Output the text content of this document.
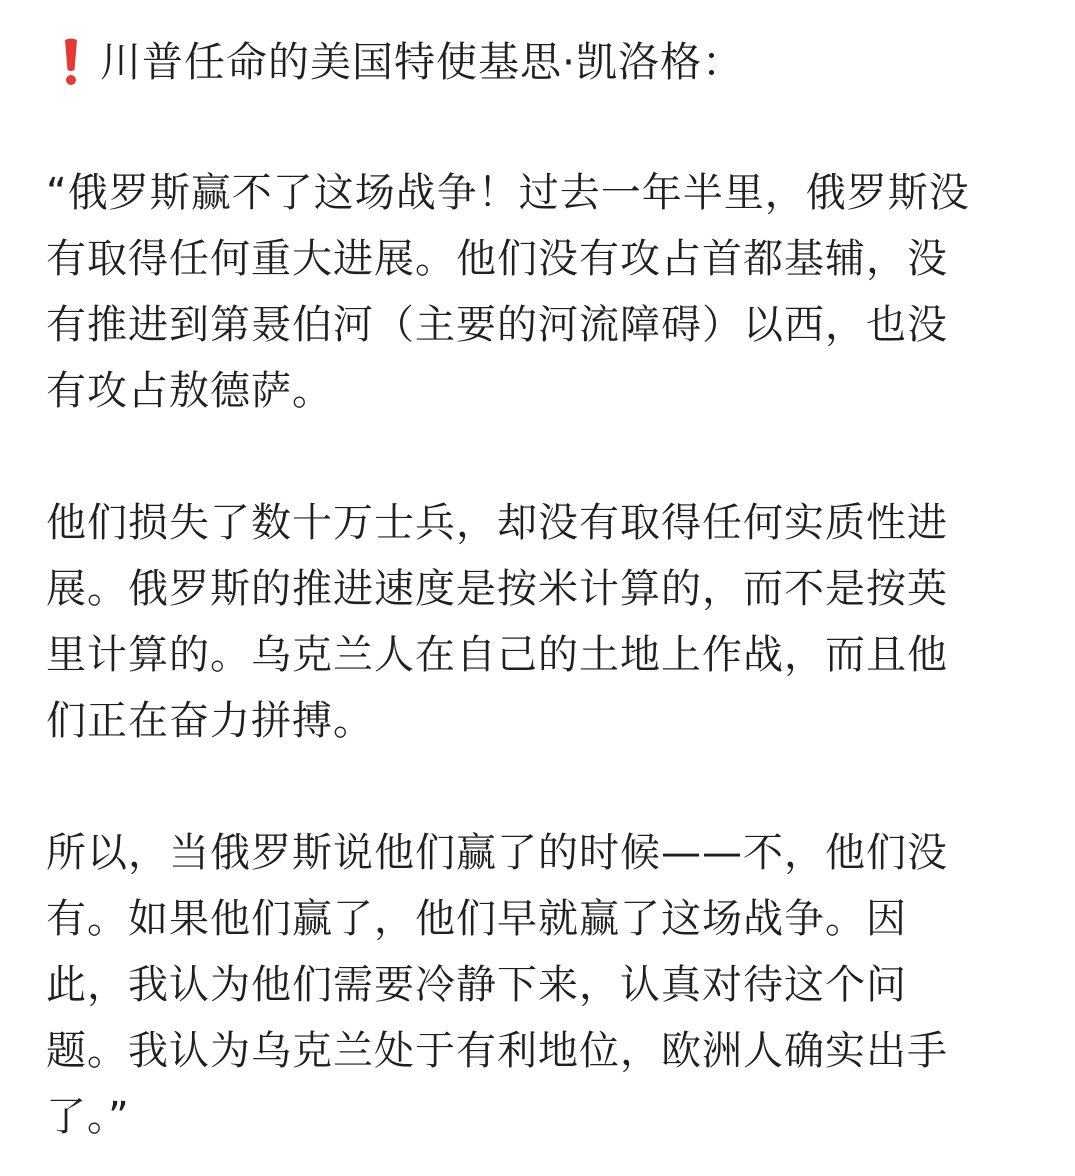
川普任命的美国特使基思·凯洛格：
“俄罗斯赢不了这场战争！过去一年半里，俄罗斯没
有取得任何重大进展。他们没有攻占首都基辅，没
有推进到第聂伯河（主要的河流障碍）以西，也没
有攻占敖德萨。
他们损失了数十万士兵，却没有取得任何实质性进
展。俄罗斯的推进速度是按米计算的，而不是按英
里计算的。乌克兰人在自己的土地上作战，而且他
们正在奋力拼搏。
所以，当俄罗斯说他们赢了的时候——不，他们没
有。如果他们赢了，他们早就赢了这场战争。因
此，我认为他们需要冷静下来，认真对待这个问
题。我认为乌克兰处于有利地位，欧洲人确实出手
了。”
